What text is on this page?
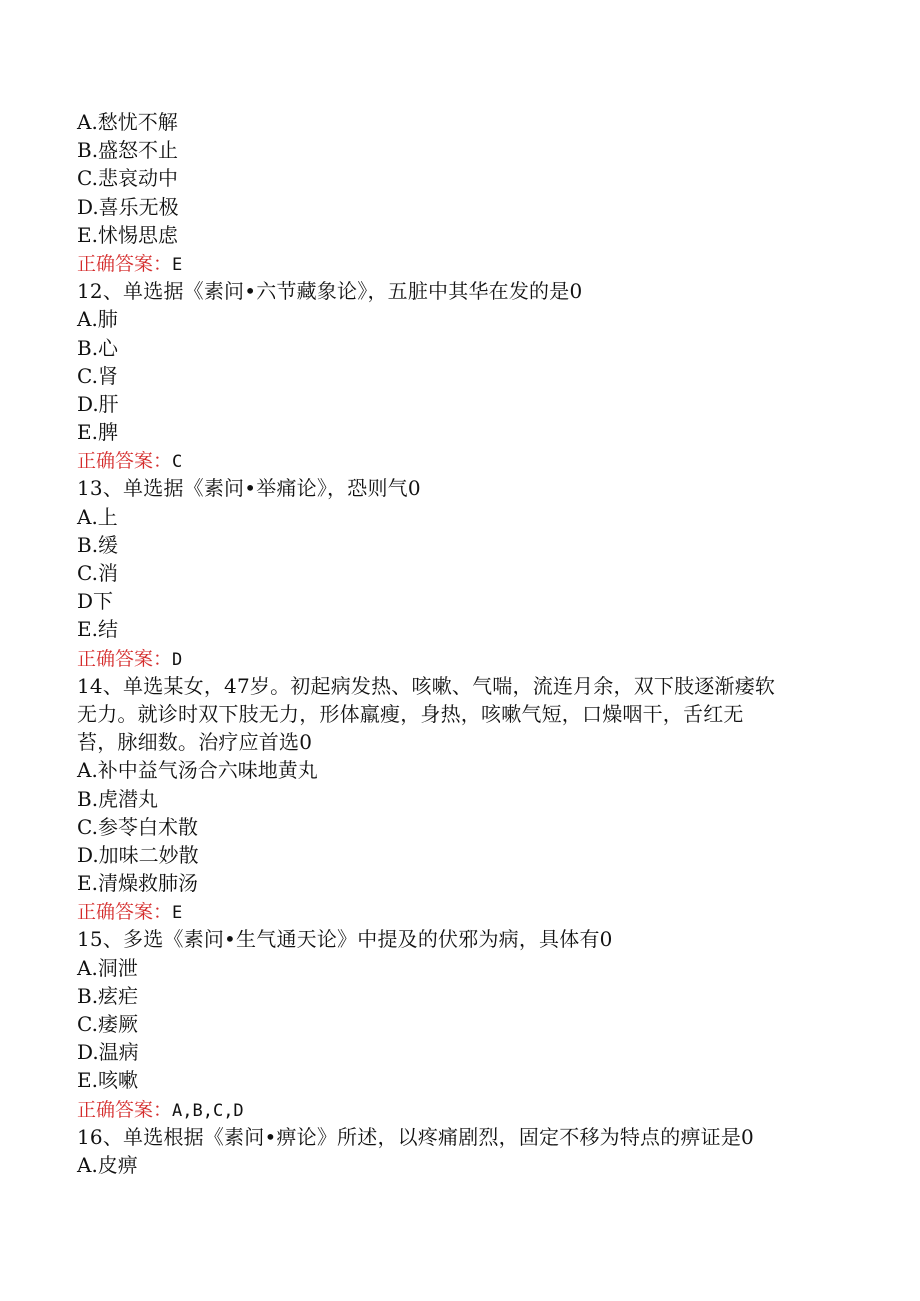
A.愁忧不解
B.盛怒不止
C.悲哀动中
D.喜乐无极
E.怵惕思虑
正确答案：E
12、单选据《素问•六节藏象论》，五脏中其华在发的是0
A.肺
B.心
C.肾
D.肝
E.脾
正确答案：C
13、单选据《素问•举痛论》，恐则气0
A.上
B.缓
C.消
D下
E.结
正确答案：D
14、单选某女，47岁。初起病发热、咳嗽、气喘，流连月余，双下肢逐渐痿软
无力。就诊时双下肢无力，形体羸瘦，身热，咳嗽气短，口燥咽干，舌红无
苔，脉细数。治疗应首选0
A.补中益气汤合六味地黄丸
B.虎潜丸
C.参苓白术散
D.加味二妙散
E.清燥救肺汤
正确答案：E
15、多选《素问•生气通天论》中提及的伏邪为病，具体有0
A.洞泄
B.痃疟
C.痿厥
D.温病
E.咳嗽
正确答案：A,B,C,D
16、单选根据《素问•痹论》所述，以疼痛剧烈，固定不移为特点的痹证是0
A.皮痹
